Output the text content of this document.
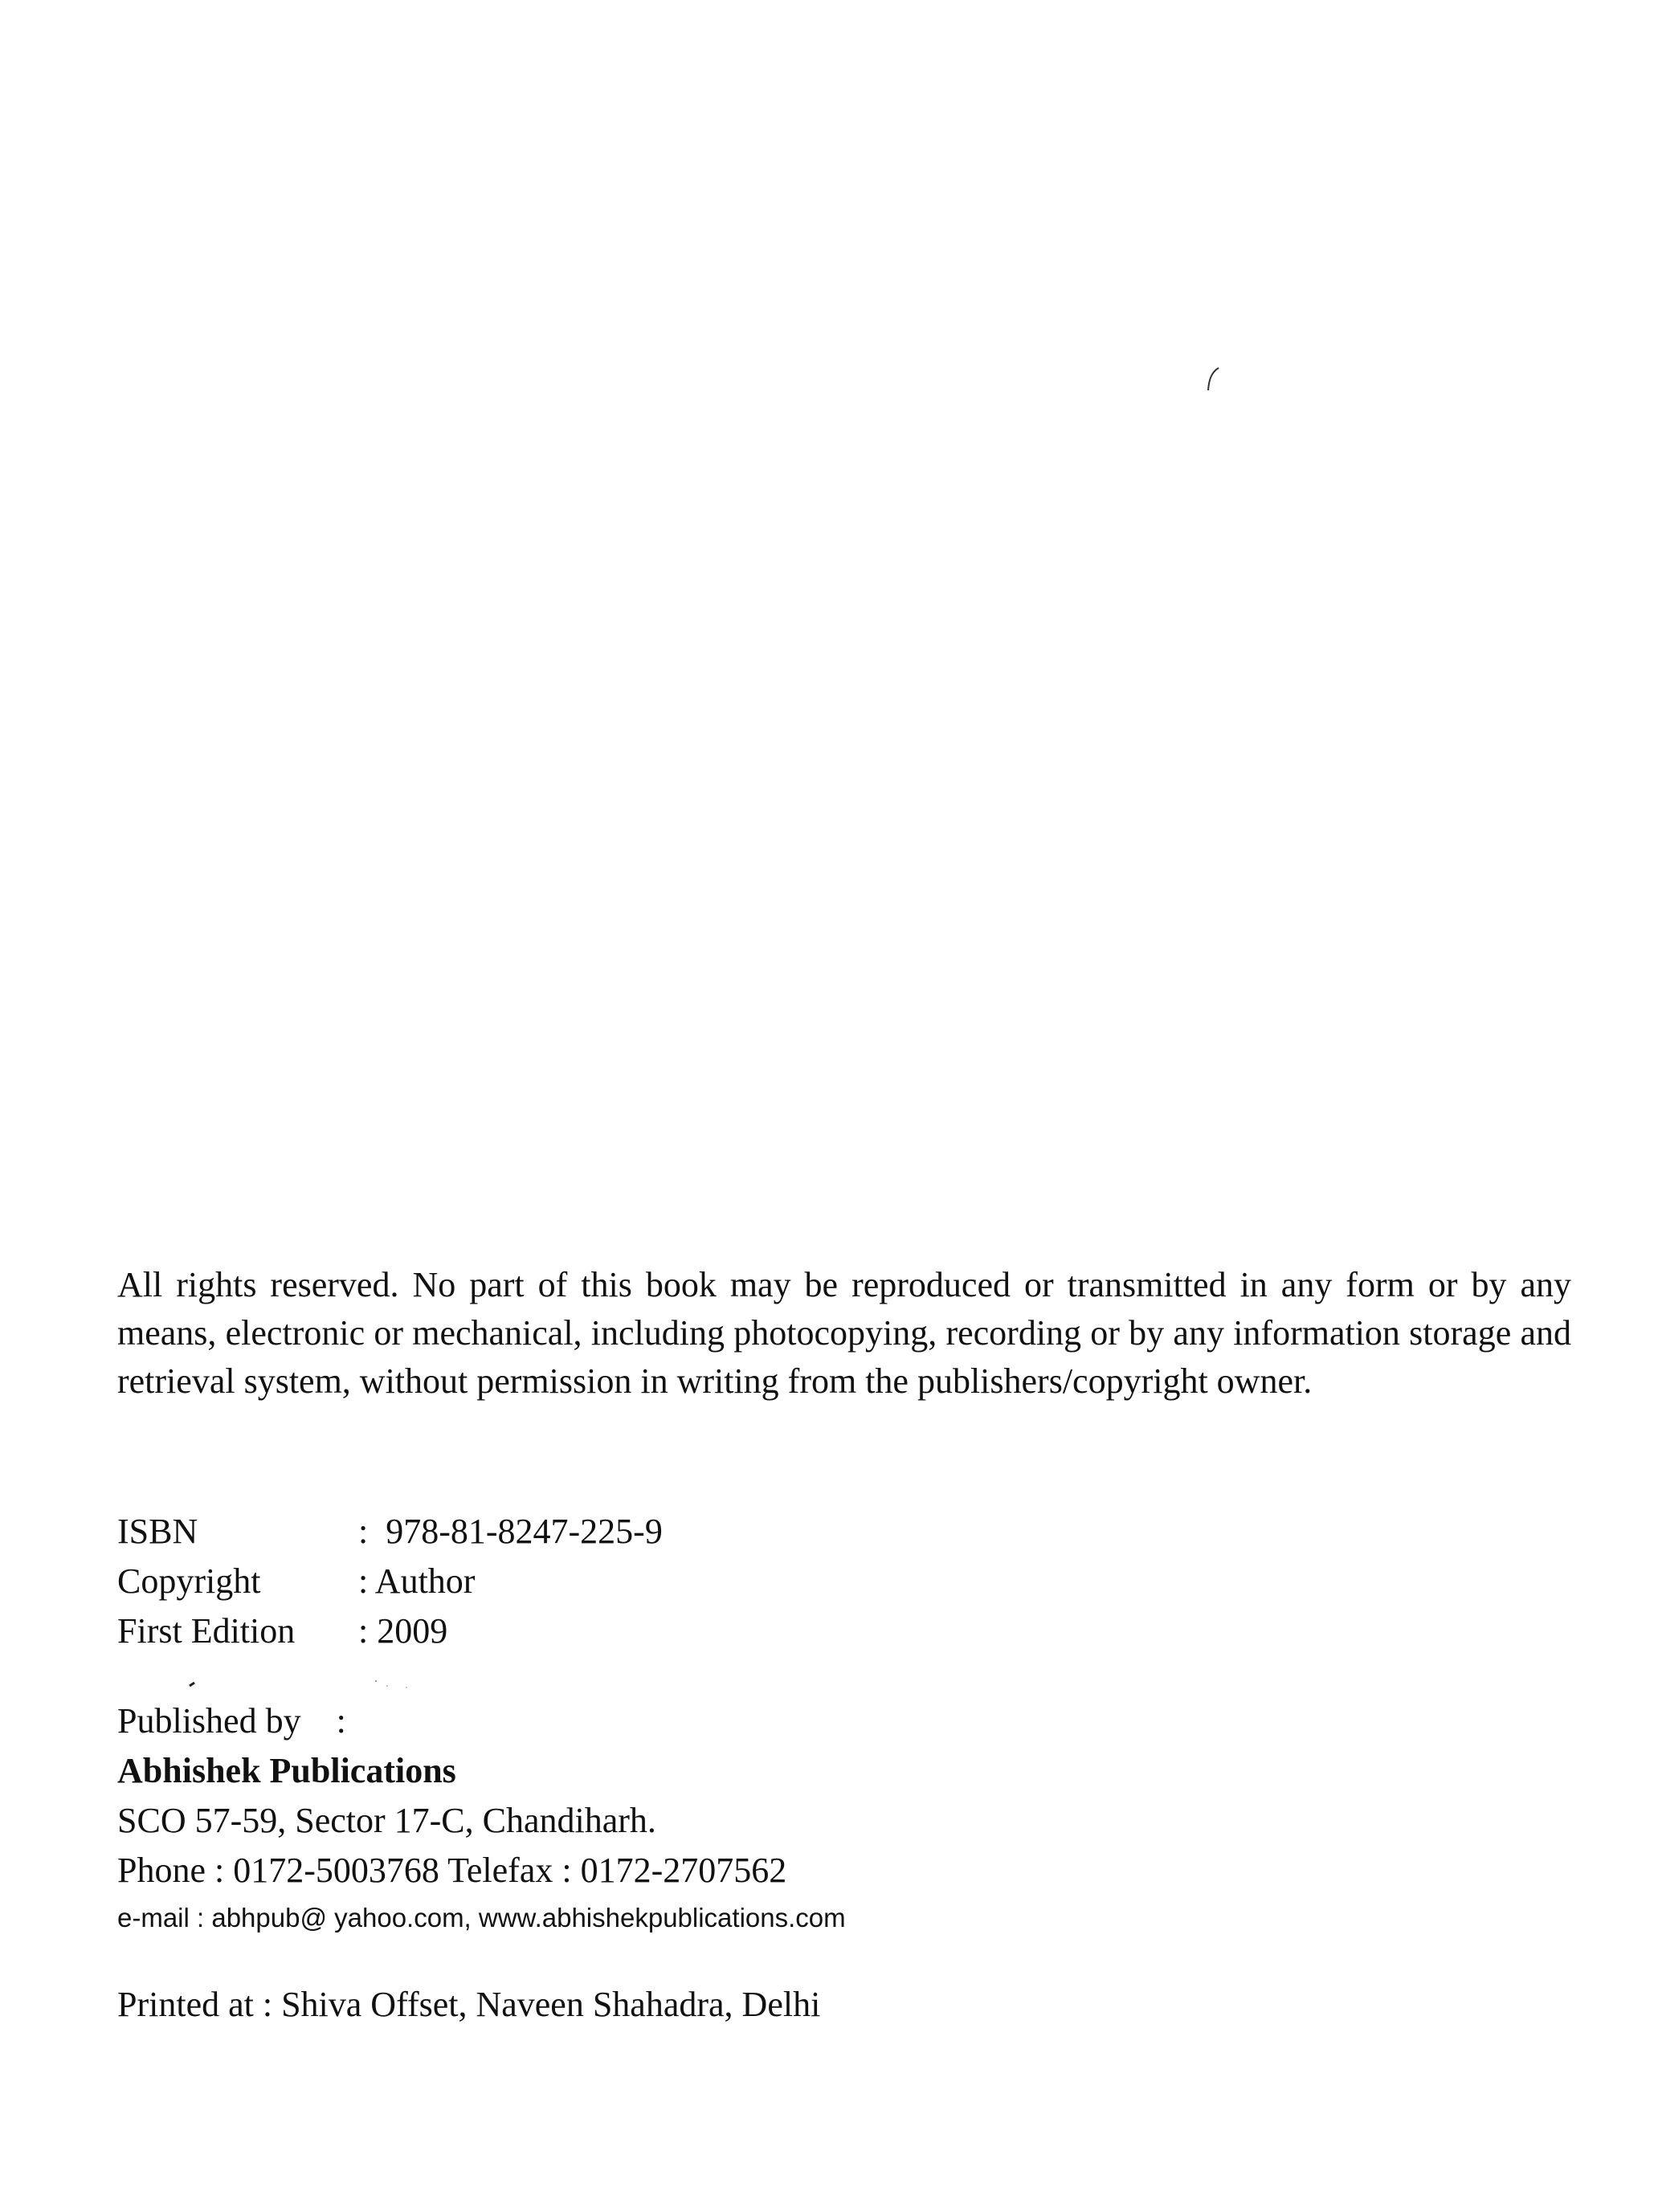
All rights reserved. No part of this book may be reproduced or transmitted in any form or by any means, electronic or mechanical, including photocopying, recording or by any information storage and retrieval system, without permission in writing from the publishers/copyright owner.
ISBN	:  978-81-8247-225-9
Copyright	: Author
First Edition	: 2009
Published by    :
Abhishek Publications
SCO 57-59, Sector 17-C, Chandiharh.
Phone : 0172-5003768 Telefax : 0172-2707562
e-mail : abhpub@ yahoo.com, www.abhishekpublications.com
Printed at : Shiva Offset, Naveen Shahadra, Delhi
